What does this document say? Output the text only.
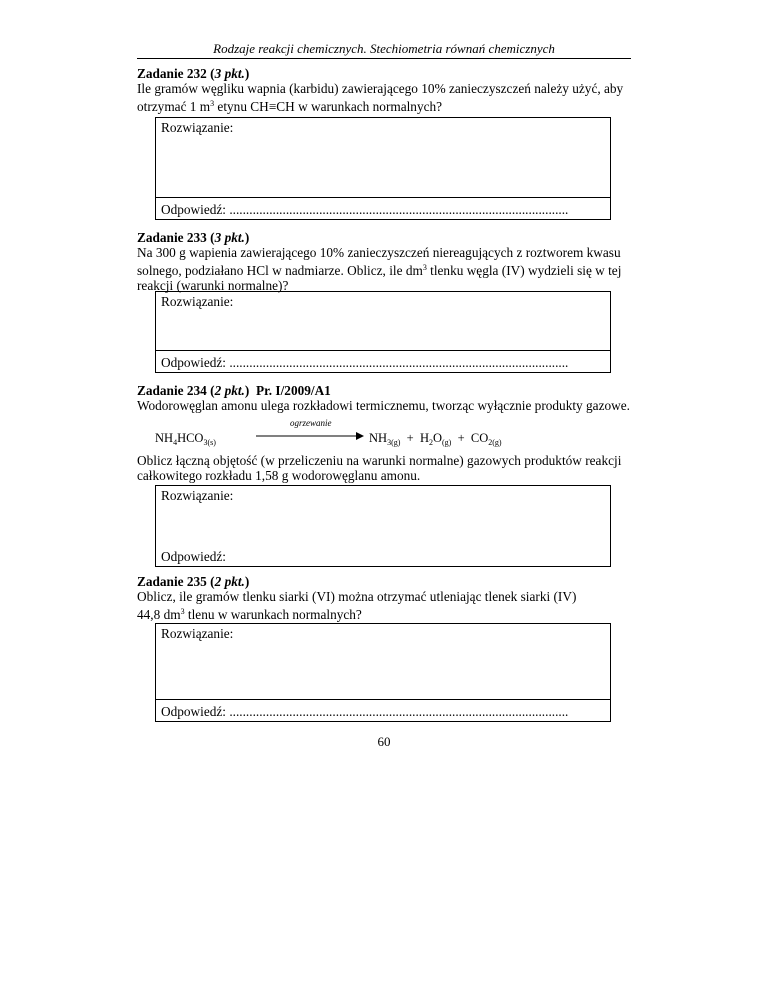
Rodzaje reakcji chemicznych. Stechiometria równań chemicznych
Zadanie 232 (3 pkt.)
Ile gramów węgliku wapnia (karbidu) zawierającego 10% zanieczyszczeń należy użyć, aby
otrzymać 1 $m^3$ etynu CH≡CH w warunkach normalnych?
Rozwiązanie:
Odpowiedź: ......................................................................................................
Zadanie 233 (3 pkt.)
Na 300 g wapienia zawierającego 10% zanieczyszczeń niereagujących z roztworem kwasu
solnego, podziałano HCl w nadmiarze. Oblicz, ile $dm^3$ tlenku węgla (IV) wydzieli się w tej
reakcji (warunki normalne)?
Rozwiązanie:
Odpowiedź: ......................................................................................................
Zadanie 234 (2 pkt.)  Pr. I/2009/A1
Wodorowęglan amonu ulega rozkładowi termicznemu, tworząc wyłącznie produkty gazowe.
$NH_4HCO_{3(s)}$
ogrzewanie
$NH_{3(g)} + H_2O_{(g)} + CO_{2(g)}$
Oblicz łączną objętość (w przeliczeniu na warunki normalne) gazowych produktów reakcji
całkowitego rozkładu 1,58 g wodorowęglanu amonu.
Rozwiązanie:
Odpowiedź:
Zadanie 235 (2 pkt.)
Oblicz, ile gramów tlenku siarki (VI) można otrzymać utleniając tlenek siarki (IV)
44,8 $dm^3$ tlenu w warunkach normalnych?
Rozwiązanie:
Odpowiedź: ......................................................................................................
60
